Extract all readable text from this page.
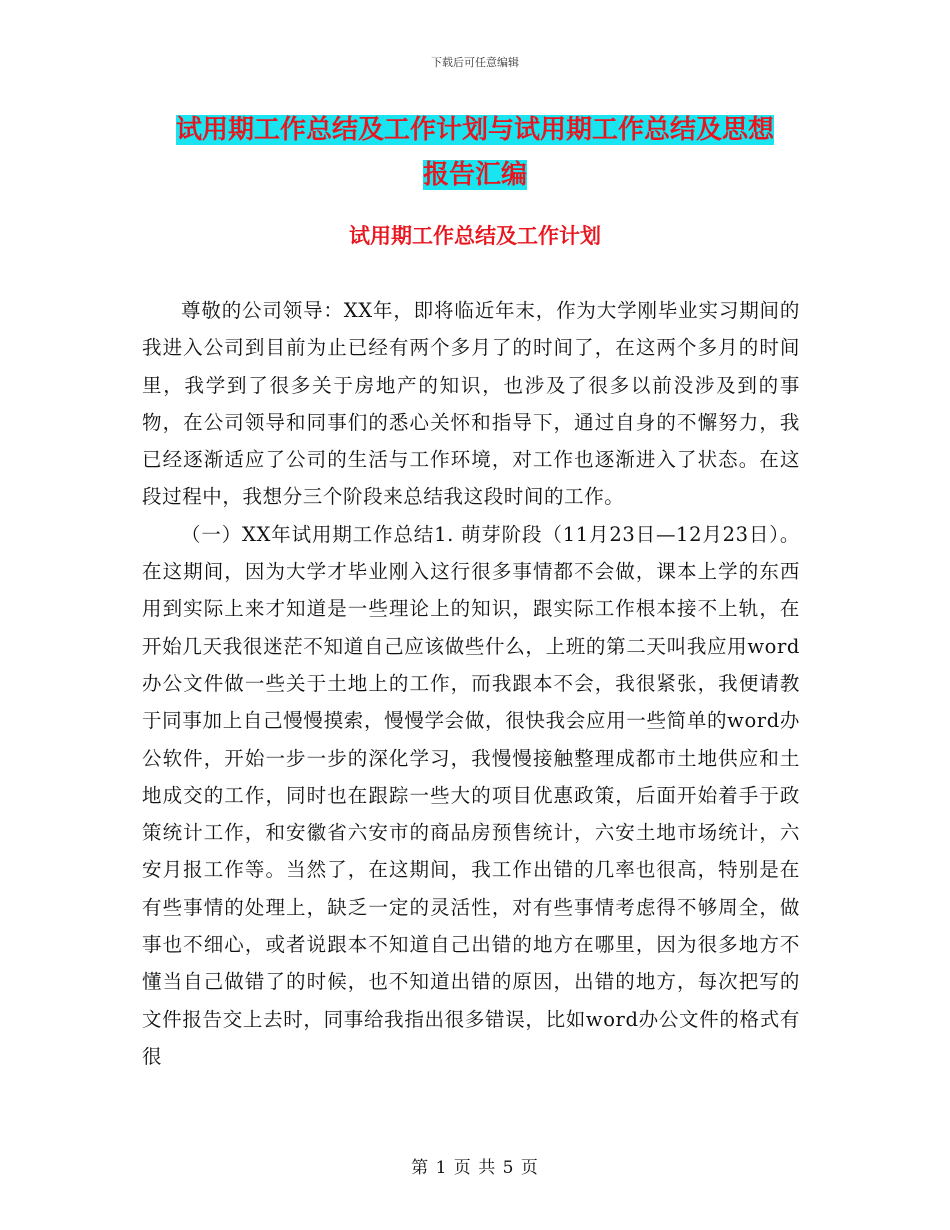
下载后可任意编辑
试用期工作总结及工作计划与试用期工作总结及思想
报告汇编
试用期工作总结及工作计划

尊敬的公司领导：XX年，即将临近年末，作为大学刚毕业实习期间的我进入公司到目前为止已经有两个多月了的时间了，在这两个多月的时间里，我学到了很多关于房地产的知识，也涉及了很多以前没涉及到的事物，在公司领导和同事们的悉心关怀和指导下，通过自身的不懈努力，我已经逐渐适应了公司的生活与工作环境，对工作也逐渐进入了状态。在这段过程中，我想分三个阶段来总结我这段时间的工作。

（一）XX年试用期工作总结1. 萌芽阶段（11月23日—12月23日）。在这期间，因为大学才毕业刚入这行很多事情都不会做，课本上学的东西用到实际上来才知道是一些理论上的知识，跟实际工作根本接不上轨，在开始几天我很迷茫不知道自己应该做些什么，上班的第二天叫我应用word办公文件做一些关于土地上的工作，而我跟本不会，我很紧张，我便请教于同事加上自己慢慢摸索，慢慢学会做，很快我会应用一些简单的word办公软件，开始一步一步的深化学习，我慢慢接触整理成都市土地供应和土地成交的工作，同时也在跟踪一些大的项目优惠政策，后面开始着手于政策统计工作，和安徽省六安市的商品房预售统计，六安土地市场统计，六安月报工作等。当然了，在这期间，我工作出错的几率也很高，特别是在有些事情的处理上，缺乏一定的灵活性，对有些事情考虑得不够周全，做事也不细心，或者说跟本不知道自己出错的地方在哪里，因为很多地方不懂当自己做错了的时候，也不知道出错的原因，出错的地方，每次把写的文件报告交上去时，同事给我指出很多错误，比如word办公文件的格式有很

第 1 页 共 5 页
